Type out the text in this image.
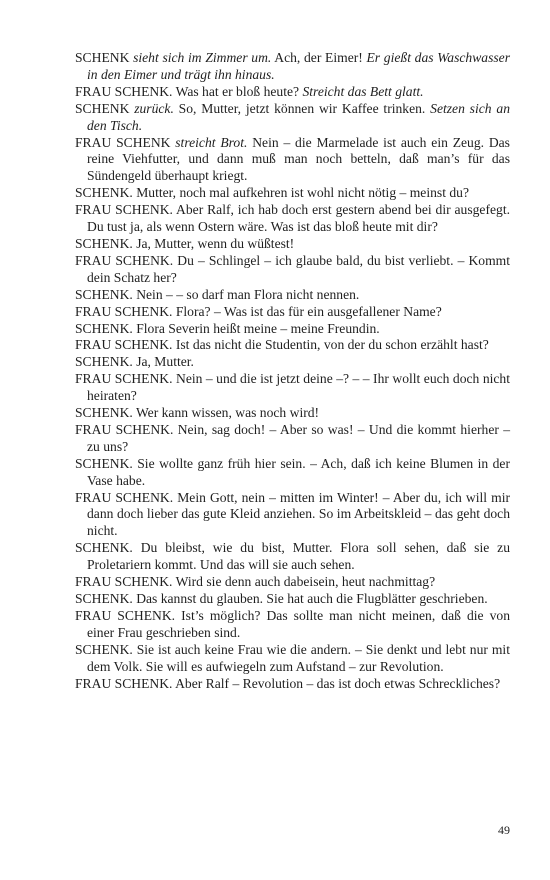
SCHENK sieht sich im Zimmer um. Ach, der Eimer! Er gießt das Waschwasser in den Eimer und trägt ihn hinaus.

FRAU SCHENK. Was hat er bloß heute? Streicht das Bett glatt.

SCHENK zurück. So, Mutter, jetzt können wir Kaffee trinken. Setzen sich an den Tisch.

FRAU SCHENK streicht Brot. Nein – die Marmelade ist auch ein Zeug. Das reine Viehfutter, und dann muß man noch betteln, daß man’s für das Sündengeld überhaupt kriegt.

SCHENK. Mutter, noch mal aufkehren ist wohl nicht nötig – meinst du?

FRAU SCHENK. Aber Ralf, ich hab doch erst gestern abend bei dir ausgefegt. Du tust ja, als wenn Ostern wäre. Was ist das bloß heute mit dir?

SCHENK. Ja, Mutter, wenn du wüßtest!

FRAU SCHENK. Du – Schlingel – ich glaube bald, du bist verliebt. – Kommt dein Schatz her?

SCHENK. Nein – – so darf man Flora nicht nennen.

FRAU SCHENK. Flora? – Was ist das für ein ausgefallener Name?

SCHENK. Flora Severin heißt meine – meine Freundin.

FRAU SCHENK. Ist das nicht die Studentin, von der du schon erzählt hast?

SCHENK. Ja, Mutter.

FRAU SCHENK. Nein – und die ist jetzt deine –? – – Ihr wollt euch doch nicht heiraten?

SCHENK. Wer kann wissen, was noch wird!

FRAU SCHENK. Nein, sag doch! – Aber so was! – Und die kommt hierher – zu uns?

SCHENK. Sie wollte ganz früh hier sein. – Ach, daß ich keine Blumen in der Vase habe.

FRAU SCHENK. Mein Gott, nein – mitten im Winter! – Aber du, ich will mir dann doch lieber das gute Kleid anziehen. So im Arbeitskleid – das geht doch nicht.

SCHENK. Du bleibst, wie du bist, Mutter. Flora soll sehen, daß sie zu Proletariern kommt. Und das will sie auch sehen.

FRAU SCHENK. Wird sie denn auch dabeisein, heut nachmittag?

SCHENK. Das kannst du glauben. Sie hat auch die Flugblätter geschrieben.

FRAU SCHENK. Ist’s möglich? Das sollte man nicht meinen, daß die von einer Frau geschrieben sind.

SCHENK. Sie ist auch keine Frau wie die andern. – Sie denkt und lebt nur mit dem Volk. Sie will es aufwiegeln zum Aufstand – zur Revolution.

FRAU SCHENK. Aber Ralf – Revolution – das ist doch etwas Schreckliches?

49
